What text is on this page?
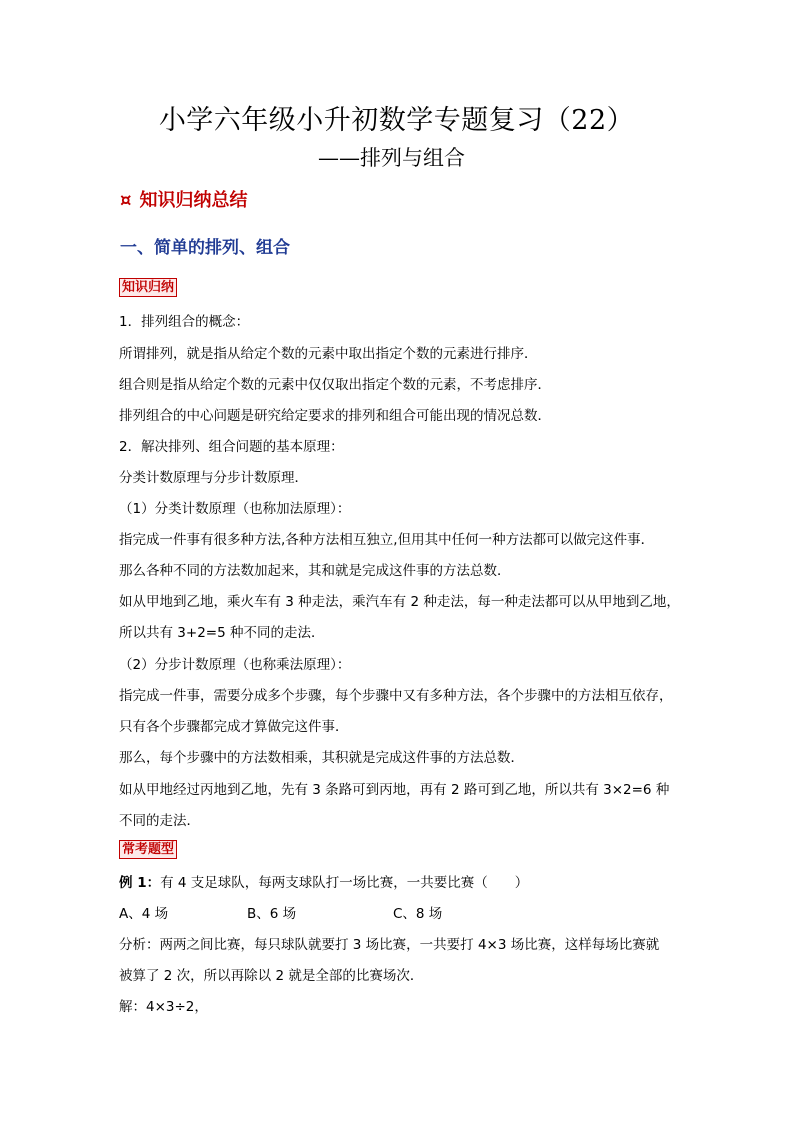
小学六年级小升初数学专题复习（22）
——排列与组合
¤ 知识归纳总结
一、简单的排列、组合
知识归纳
1．排列组合的概念：
所谓排列，就是指从给定个数的元素中取出指定个数的元素进行排序．
组合则是指从给定个数的元素中仅仅取出指定个数的元素，不考虑排序．
排列组合的中心问题是研究给定要求的排列和组合可能出现的情况总数．
2．解决排列、组合问题的基本原理：
分类计数原理与分步计数原理．
（1）分类计数原理（也称加法原理）：
指完成一件事有很多种方法,各种方法相互独立,但用其中任何一种方法都可以做完这件事．
那么各种不同的方法数加起来，其和就是完成这件事的方法总数．
如从甲地到乙地，乘火车有 3 种走法，乘汽车有 2 种走法，每一种走法都可以从甲地到乙地，
所以共有 3+2=5 种不同的走法．
（2）分步计数原理（也称乘法原理）：
指完成一件事，需要分成多个步骤，每个步骤中又有多种方法，各个步骤中的方法相互依存，
只有各个步骤都完成才算做完这件事．
那么，每个步骤中的方法数相乘，其积就是完成这件事的方法总数．
如从甲地经过丙地到乙地，先有 3 条路可到丙地，再有 2 路可到乙地，所以共有 3×2=6 种
不同的走法．
常考题型
例 1：有 4 支足球队，每两支球队打一场比赛，一共要比赛（　　）
A、4 场	B、6 场	C、8 场
分析：两两之间比赛，每只球队就要打 3 场比赛，一共要打 4×3 场比赛，这样每场比赛就
被算了 2 次，所以再除以 2 就是全部的比赛场次．
解：4×3÷2，
